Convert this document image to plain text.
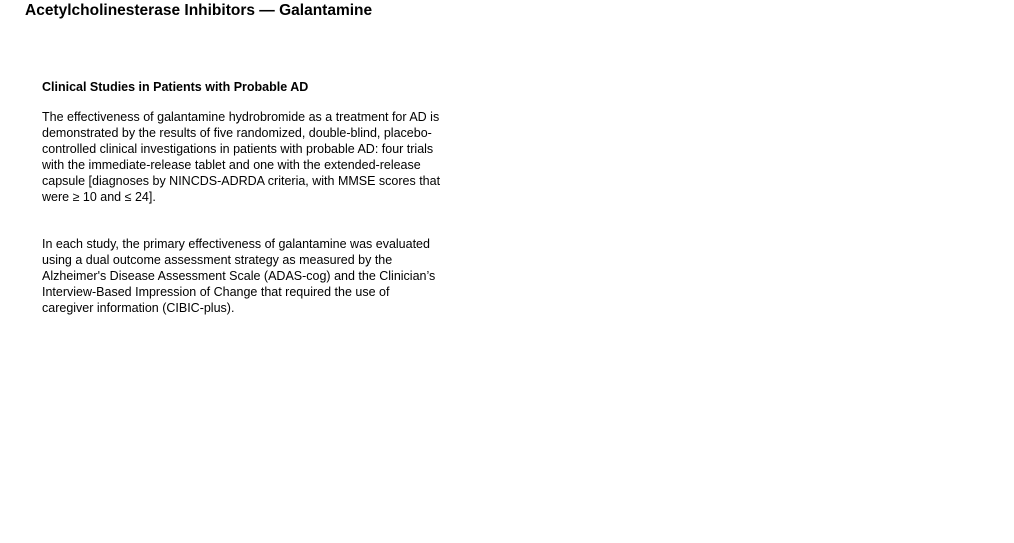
Acetylcholinesterase Inhibitors — Galantamine
Clinical Studies in Patients with Probable AD

The effectiveness of galantamine hydrobromide as a treatment for AD is
demonstrated by the results of five randomized, double-blind, placebo-
controlled clinical investigations in patients with probable AD: four trials
with the immediate-release tablet and one with the extended-release
capsule [diagnoses by NINCDS-ADRDA criteria, with MMSE scores that
were ≥ 10 and ≤ 24].

In each study, the primary effectiveness of galantamine was evaluated
using a dual outcome assessment strategy as measured by the
Alzheimer's Disease Assessment Scale (ADAS-cog) and the Clinician’s
Interview-Based Impression of Change that required the use of
caregiver information (CIBIC-plus).
